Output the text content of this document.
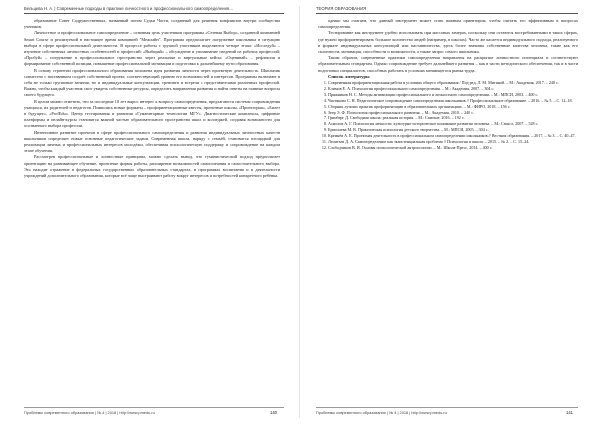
Бельцева Н. А. | Современные подходы в практике личностного и профессионального самоопределения…

образование Совет Содружественных, названный потом Судьи Части, созданный для решения конфликтов внутри сообщества учеников.

Личностное и профессиональное самоопределение – основная цель участников программы «Сетевая Выбор», созданной компанией Smart Course и реализуемой в настоящее время компанией "Межлайн". Программа предполагает погружение школьника в ситуацию выбора в сфере профессиональной деятельности. В процессе работы с группой участников выделяются четыре этапа: «Исследуй» – изучение собственных личностных особенностей и профессий; «Выбирай» – обсуждение и упоминание сведений из рабочих профессий; «Пробуй» – погружение в профессиональное пространство через реальные и виртуальные кейсы; «Оценивай» – рефлексия и формирование собственной позиции, повышение профессиональной мотивации и подготовка к дальнейшему пути образования.

В основу стратегии профессионального образования положена идея развития личности через проектную деятельность. Школьник совместно с наставником создаёт собственный проект, соответствующий уровню его возможностей и интересов. Программы включают в себя не только групповые занятия, но и индивидуальные консультации, тренинги и встречи с представителями различных профессий. Важно, чтобы каждый участник смог увидеть собственные ресурсы, определить направления развития и найти ответы на главные вопросы своего будущего.

В целом можно отметить, что за последние 10 лет вырос интерес к вопросу самоопределения, предлагаются системы сопровождения учащихся, их родителей и педагогов. Появились новые форматы – профориентационные квесты, проектные школы, «Проектория», «Билет в будущее», «ProfEdu». Центр тестирования и развития «Гуманитарные технологии МГУ». Диагностические комплексы, цифровые платформы и онлайн-курсы становятся важной частью образовательного пространства школ и колледжей, создавая возможности для осознанного выбора профессии.

Интенсивное развитие проектов в сфере профессионального самоопределения и развития индивидуальных личностных качеств школьников определяет новые основные педагогические задачи. Современная школа, наряду с семьёй, становится площадкой для реализации личных и профессиональных интересов молодёжи, обеспечивая психологическую поддержку и сопровождение на каждом этапе обучения.

Рассмотрев профессиональные и личностные принципы, можно сделать вывод, что гуманистический подход предполагает ориентацию на развивающее обучение, проектные формы работы, расширение возможностей самопознания и самостоятельного выбора. Это находит отражение в федеральных государственных образовательных стандартах, в программах воспитания и в деятельности учреждений дополнительного образования, которые всё чаще выстраивают работу вокруг интересов и потребностей конкретного ребёнка.

Проблемы современного образования | № 4 | 2018 | http://www.pmedu.ru	140
ТЕОРИЯ ОБРАЗОВАНИЯ

однако мы считаем, что данный инструмент может стать важным ориентиром, чтобы считать его эффективным в вопросах самоопределения.

Тестирование как инструмент удобно использовать при массовых замерах, поскольку они остаются востребованными в таких сферах, где нужно профориентировать большое количество людей (например, в школах). Часто же касается индивидуального подхода, реализуемого в формате индивидуальных консультаций или наставничества, здесь более значимы собственные качества человека, такие как его склонности, мотивация, способности и возможности, а также запрос самого школьника.

Таким образом, современные практики самоопределения направлены на раскрытие личностного потенциала и соответствуют образовательным стандартам. Однако сопровождение требует дальнейшего развития – как в части методического обеспечения, так и в части подготовки специалистов, способных работать в условиях меняющегося рынка труда.

Список литературы

1. Современная профориентационная работа в условиях общего образования / Под ред. Л. М. Митиной. – М.: Академия, 2017. – 240 с.
2. Климов Е. А. Психология профессионального самоопределения. – М.: Академия, 2007. – 304 с.
3. Пряжников Н. С. Методы активизации профессионального и личностного самоопределения. – М.: МПСИ, 2003. – 400 с.
4. Чистякова С. Н. Педагогическое сопровождение самоопределения школьников // Профессиональное образование. – 2016. – № 5. – С. 12–18.
5. Сборник лучших практик профориентации в образовательных организациях. – М.: ФИРО, 2018. – 156 с.
6. Зеер Э. Ф. Психология профессионального развития. – М.: Академия, 2010. – 240 с.
7. Гринберг Д. Свободная школа: реальная история. – М.: Самокат, 2016. – 192 с.
8. Асмолов А. Г. Психология личности: культурно-историческое понимание развития человека. – М.: Смысл, 2007. – 528 с.
9. Ермолаева М. В. Практическая психология детского творчества. – М.: МПСИ, 2005. – 304 с.
10. Кремнёв А. Е. Проектная деятельность в профессиональном самоопределении школьников // Вестник образования. – 2017. – № 3. – С. 40–47.
11. Леонтьев Д. А. Самоопределение как экзистенциальная проблема // Психология и школа. – 2015. – № 2. – С. 15–24.
12. Слободчиков В. И. Основы психологической антропологии. – М.: Школа-Пресс, 2014. – 400 с.
Проблемы современного образования | № 4 | 2018 | http://www.pmedu.ru	141
